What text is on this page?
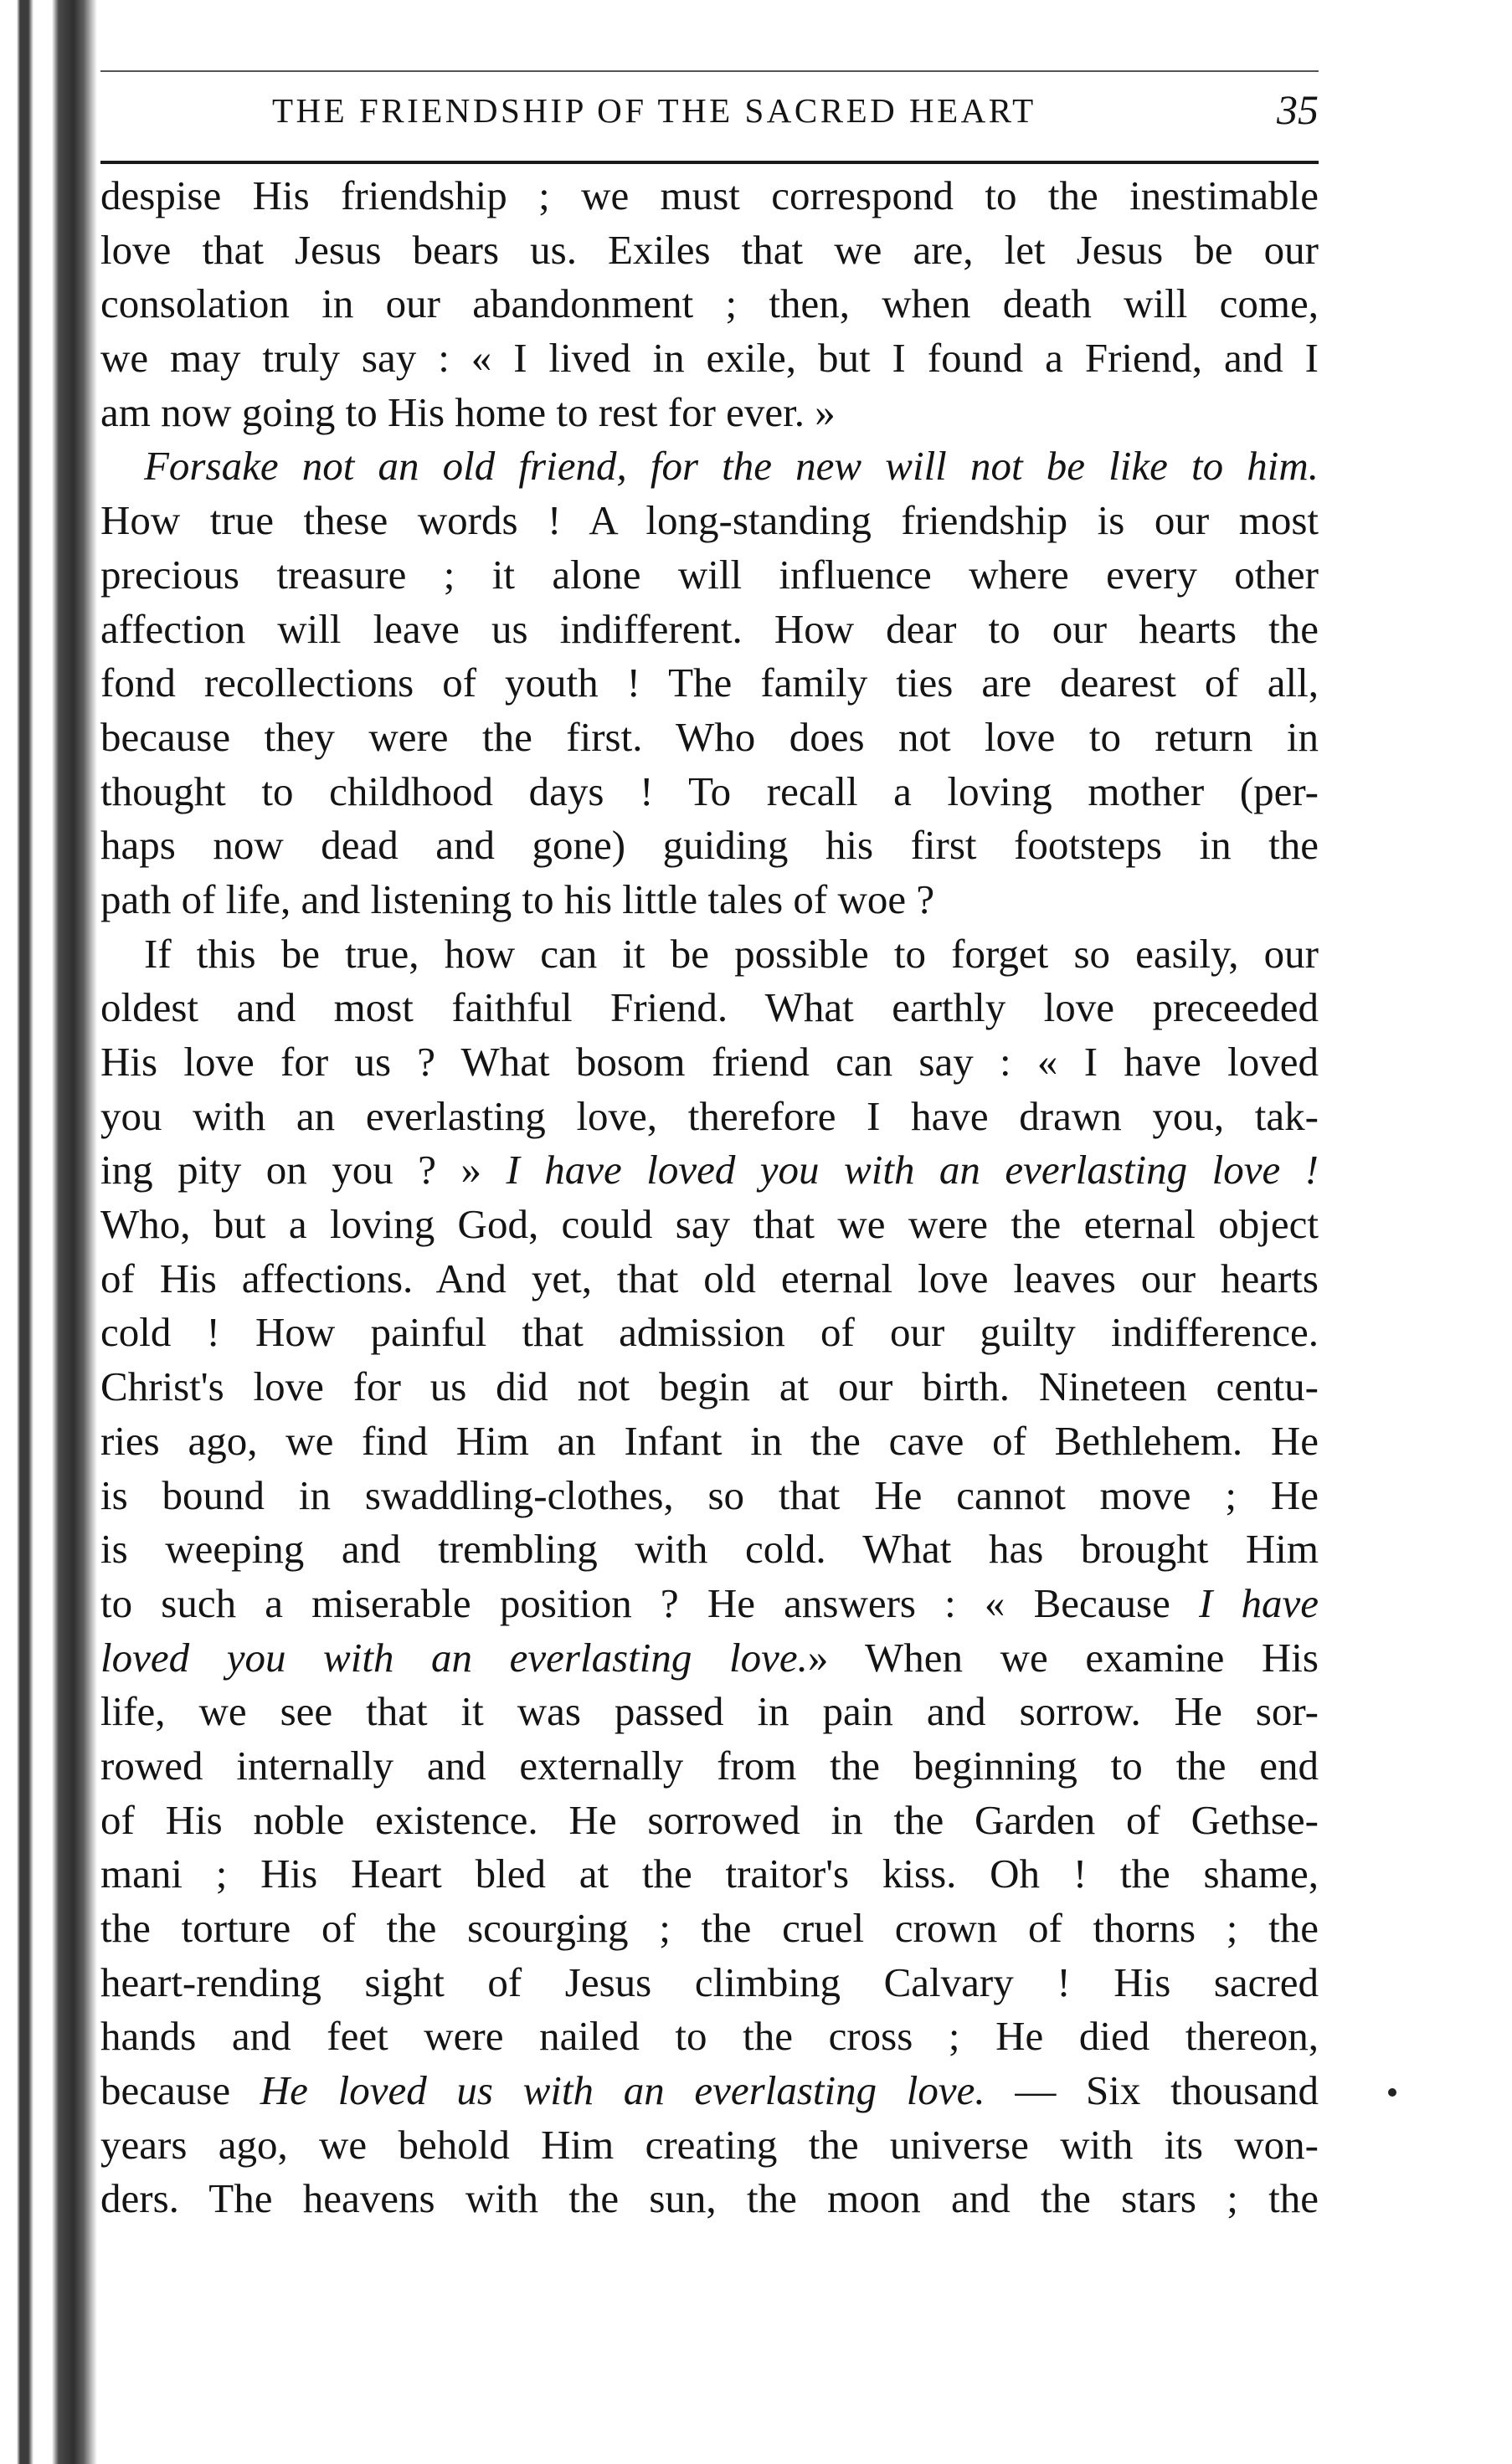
THE FRIENDSHIP OF THE SACRED HEART	35
despise His friendship ; we must correspond to the inestimable
love that Jesus bears us. Exiles that we are, let Jesus be our
consolation in our abandonment ; then, when death will come,
we may truly say : « I lived in exile, but I found a Friend, and I
am now going to His home to rest for ever. »
Forsake not an old friend, for the new will not be like to him.
How true these words ! A long-standing friendship is our most
precious treasure ; it alone will influence where every other
affection will leave us indifferent. How dear to our hearts the
fond recollections of youth ! The family ties are dearest of all,
because they were the first. Who does not love to return in
thought to childhood days ! To recall a loving mother (per-
haps now dead and gone) guiding his first footsteps in the
path of life, and listening to his little tales of woe ?
If this be true, how can it be possible to forget so easily, our
oldest and most faithful Friend. What earthly love preceeded
His love for us ? What bosom friend can say : « I have loved
you with an everlasting love, therefore I have drawn you, tak-
ing pity on you ? » I have loved you with an everlasting love !
Who, but a loving God, could say that we were the eternal object
of His affections. And yet, that old eternal love leaves our hearts
cold ! How painful that admission of our guilty indifference.
Christ's love for us did not begin at our birth. Nineteen centu-
ries ago, we find Him an Infant in the cave of Bethlehem. He
is bound in swaddling-clothes, so that He cannot move ; He
is weeping and trembling with cold. What has brought Him
to such a miserable position ? He answers : « Because I have
loved you with an everlasting love.» When we examine His
life, we see that it was passed in pain and sorrow. He sor-
rowed internally and externally from the beginning to the end
of His noble existence. He sorrowed in the Garden of Gethse-
mani ; His Heart bled at the traitor's kiss. Oh ! the shame,
the torture of the scourging ; the cruel crown of thorns ; the
heart-rending sight of Jesus climbing Calvary ! His sacred
hands and feet were nailed to the cross ; He died thereon,
because He loved us with an everlasting love. — Six thousand
years ago, we behold Him creating the universe with its won-
ders. The heavens with the sun, the moon and the stars ; the
